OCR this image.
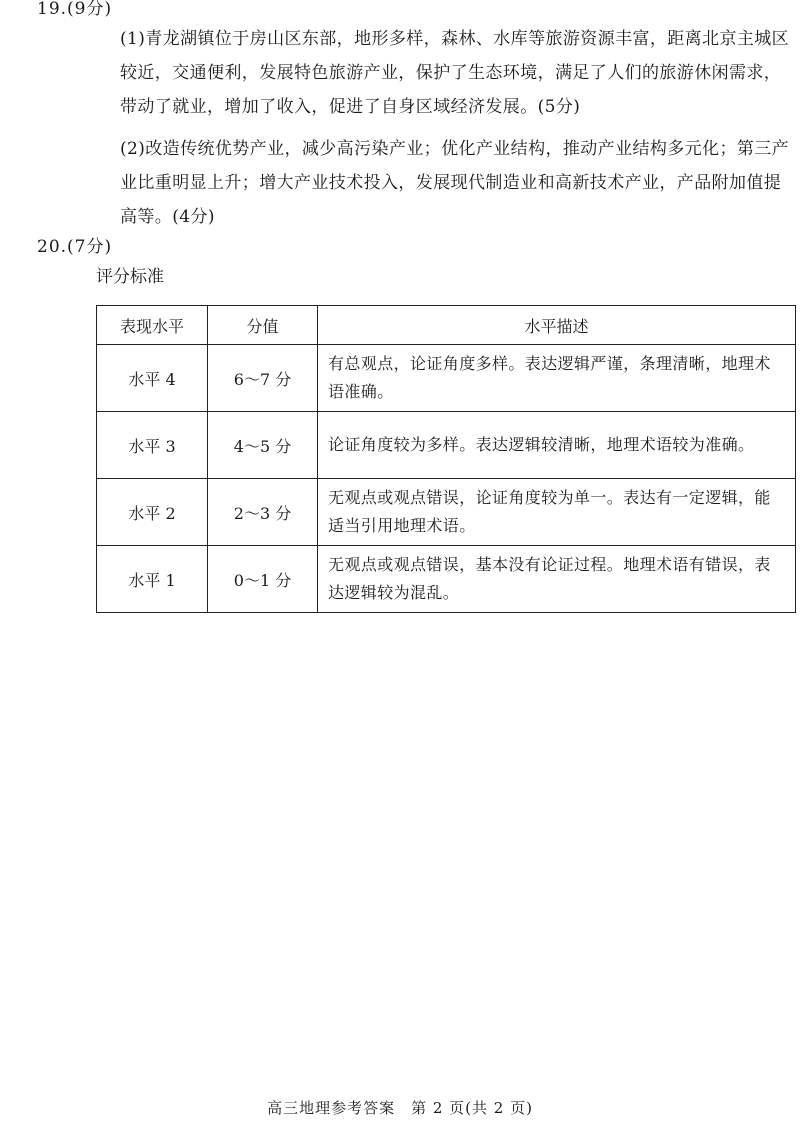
19.(9分)
(1)青龙湖镇位于房山区东部，地形多样，森林、水库等旅游资源丰富，距离北京主城区较近，交通便利，发展特色旅游产业，保护了生态环境，满足了人们的旅游休闲需求，带动了就业，增加了收入，促进了自身区域经济发展。(5分)
(2)改造传统优势产业，减少高污染产业；优化产业结构，推动产业结构多元化；第三产业比重明显上升；增大产业技术投入，发展现代制造业和高新技术产业，产品附加值提高等。(4分)
20.(7分)
评分标准
表现水平	分值	水平描述
水平 4	6～7 分	有总观点，论证角度多样。表达逻辑严谨，条理清晰，地理术语准确。
水平 3	4～5 分	论证角度较为多样。表达逻辑较清晰，地理术语较为准确。
水平 2	2～3 分	无观点或观点错误，论证角度较为单一。表达有一定逻辑，能适当引用地理术语。
水平 1	0～1 分	无观点或观点错误，基本没有论证过程。地理术语有错误，表达逻辑较为混乱。
高三地理参考答案　第 2 页(共 2 页)
